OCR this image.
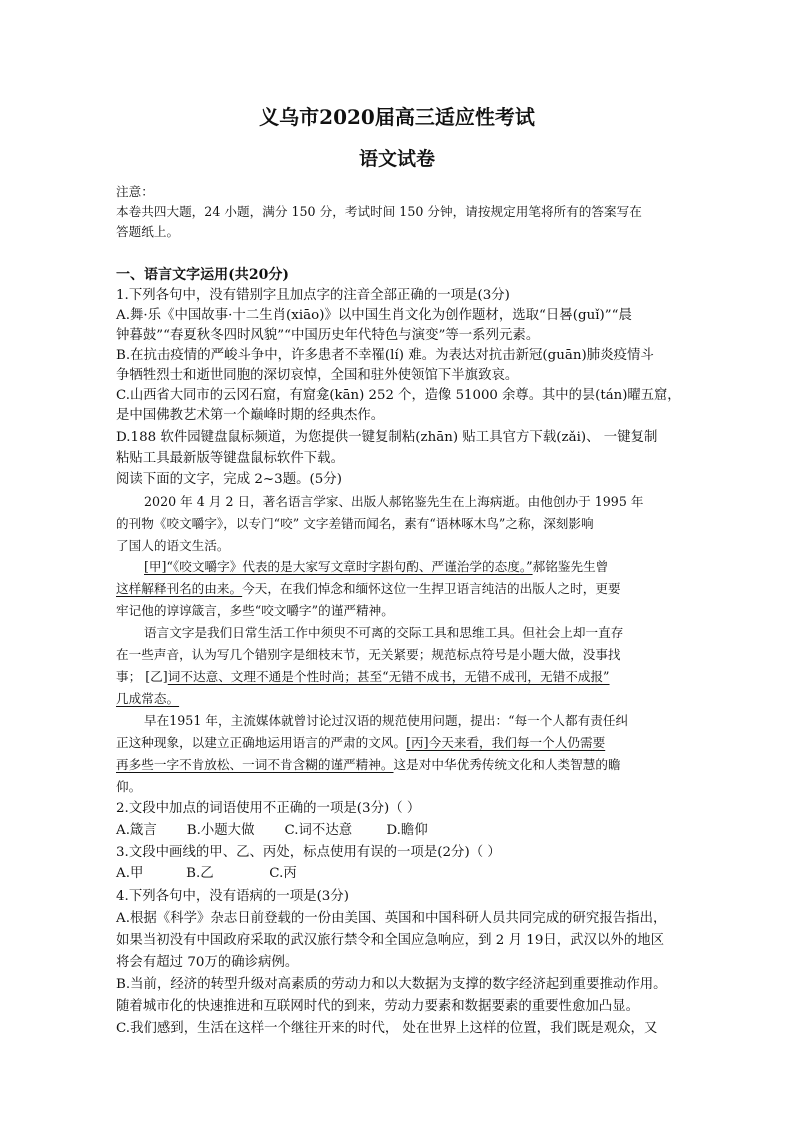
义乌市2020届高三适应性考试
语文试卷
注意：
本卷共四大题，24 小题，满分 150 分，考试时间 150 分钟，请按规定用笔将所有的答案写在
答题纸上。
一、语言文字运用(共20分)
1.下列各句中，没有错别字且加点字的注音全部正确的一项是(3分)
A.舞·乐《中国故事·十二生肖(xiāo)》以中国生肖文化为创作题材，选取“日晷(guǐ)”“晨
钟暮鼓”“春夏秋冬四时风貌”“中国历史年代特色与演变”等一系列元素。
B.在抗击疫情的严峻斗争中，许多患者不幸罹(lí) 难。为表达对抗击新冠(guān)肺炎疫情斗
争牺牲烈士和逝世同胞的深切哀悼，全国和驻外使领馆下半旗致哀。
C.山西省大同市的云冈石窟，有窟龛(kān) 252 个，造像 51000 余尊。其中的昙(tán)曜五窟，
是中国佛教艺术第一个巅峰时期的经典杰作。
D.188 软件园键盘鼠标频道，为您提供一键复制粘(zhān) 贴工具官方下载(zǎi)、 一键复制
粘贴工具最新版等键盘鼠标软件下载。
阅读下面的文字，完成 2~3题。(5分)
2020 年 4 月 2 日，著名语言学家、出版人郝铭鉴先生在上海病逝。由他创办于 1995 年
的刊物《咬文嚼字》，以专门“咬” 文字差错而闻名，素有“语林啄木鸟”之称，深刻影响
了国人的语文生活。
[甲]“《咬文嚼字》代表的是大家写文章时字斟句酌、严谨治学的态度。”郝铭鉴先生曾
这样解释刊名的由来。今天，在我们悼念和缅怀这位一生捍卫语言纯洁的出版人之时，更要
牢记他的谆谆箴言，多些“咬文嚼字”的谨严精神。
语言文字是我们日常生活工作中须臾不可离的交际工具和思维工具。但社会上却一直存
在一些声音，认为写几个错别字是细枝末节，无关紧要；规范标点符号是小题大做，没事找
事； [乙]词不达意、文理不通是个性时尚；甚至“无错不成书，无错不成刊，无错不成报”
几成常态。
早在1951 年，主流媒体就曾讨论过汉语的规范使用问题，提出：“每一个人都有责任纠
正这种现象，以建立正确地运用语言的严肃的文风。[丙]今天来看，我们每一个人仍需要
再多些一字不肯放松、一词不肯含糊的谨严精神。这是对中华优秀传统文化和人类智慧的瞻
仰。
2.文段中加点的词语使用不正确的一项是(3分)（ ）
A.箴言       B.小题大做       C.词不达意        D.瞻仰
3.文段中画线的甲、乙、丙处，标点使用有误的一项是(2分)（ ）
A.甲          B.乙             C.丙
4.下列各句中，没有语病的一项是(3分)
A.根据《科学》杂志日前登载的一份由美国、英国和中国科研人员共同完成的研究报告指出，
如果当初没有中国政府采取的武汉旅行禁令和全国应急响应，到 2 月 19日，武汉以外的地区
将会有超过 70万的确诊病例。
B.当前，经济的转型升级对高素质的劳动力和以大数据为支撑的数字经济起到重要推动作用。
随着城市化的快速推进和互联网时代的到来，劳动力要素和数据要素的重要性愈加凸显。
C.我们感到，生活在这样一个继往开来的时代， 处在世界上这样的位置，我们既是观众，又
